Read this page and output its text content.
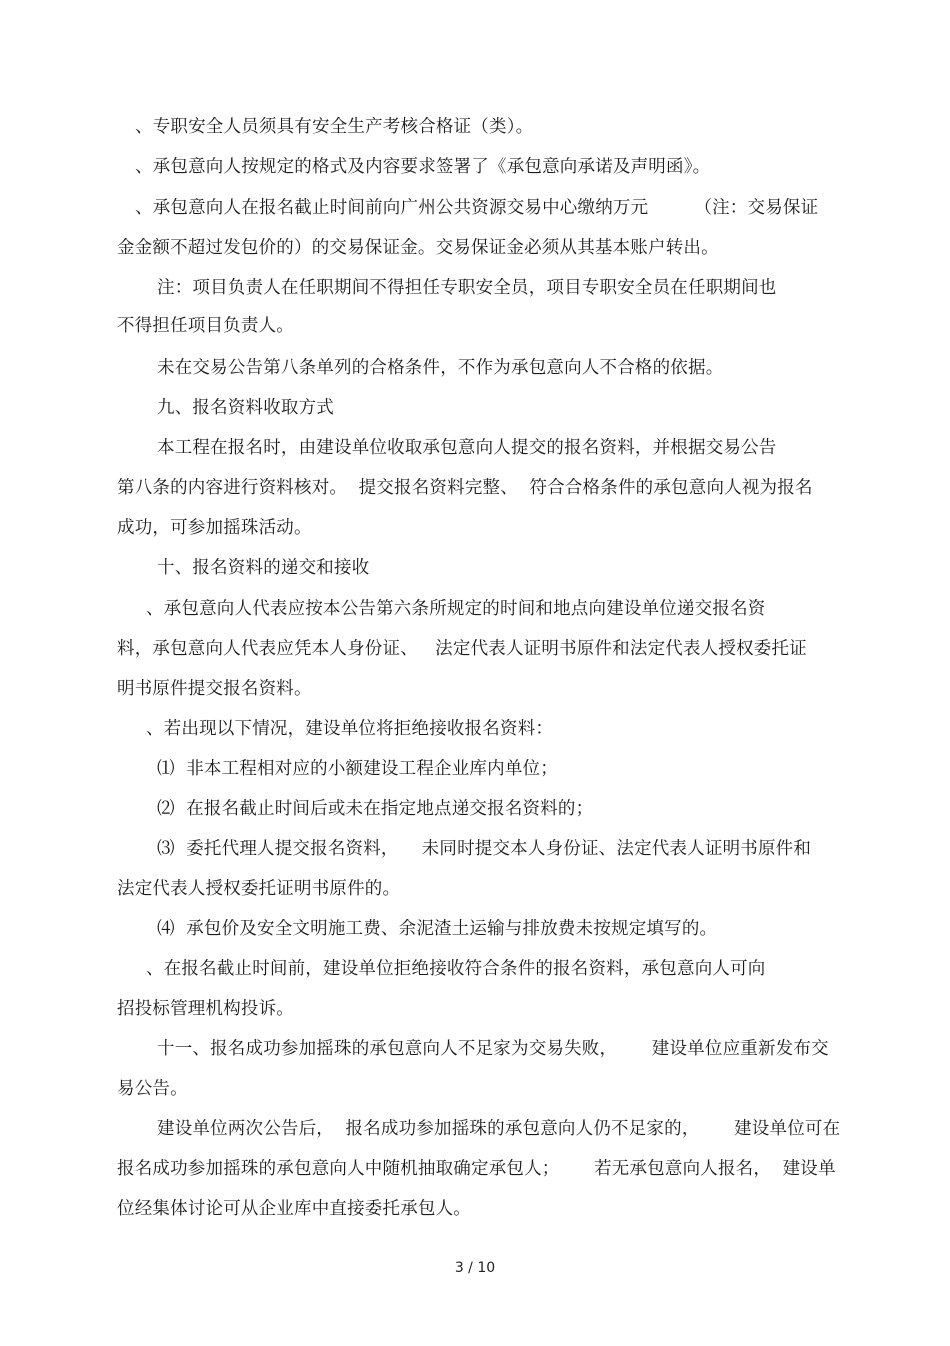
、专职安全人员须具有安全生产考核合格证（类）。
、承包意向人按规定的格式及内容要求签署了《承包意向承诺及声明函》。
、承包意向人在报名截止时间前向广州公共资源交易中心缴纳万元        （注：交易保证
金金额不超过发包价的）的交易保证金。交易保证金必须从其基本账户转出。
注：项目负责人在任职期间不得担任专职安全员，项目专职安全员在任职期间也
不得担任项目负责人。
未在交易公告第八条单列的合格条件，不作为承包意向人不合格的依据。
九、报名资料收取方式
本工程在报名时，由建设单位收取承包意向人提交的报名资料，并根据交易公告
第八条的内容进行资料核对。  提交报名资料完整、  符合合格条件的承包意向人视为报名
成功，可参加摇珠活动。
十、报名资料的递交和接收
、承包意向人代表应按本公告第六条所规定的时间和地点向建设单位递交报名资
料，承包意向人代表应凭本人身份证、   法定代表人证明书原件和法定代表人授权委托证
明书原件提交报名资料。
、若出现以下情况，建设单位将拒绝接收报名资料：
⑴  非本工程相对应的小额建设工程企业库内单位；
⑵  在报名截止时间后或未在指定地点递交报名资料的；
⑶  委托代理人提交报名资料，    未同时提交本人身份证、法定代表人证明书原件和
法定代表人授权委托证明书原件的。
⑷  承包价及安全文明施工费、余泥渣土运输与排放费未按规定填写的。
、在报名截止时间前，建设单位拒绝接收符合条件的报名资料，承包意向人可向
招投标管理机构投诉。
十一、报名成功参加摇珠的承包意向人不足家为交易失败，      建设单位应重新发布交
易公告。
建设单位两次公告后，  报名成功参加摇珠的承包意向人仍不足家的，      建设单位可在
报名成功参加摇珠的承包意向人中随机抽取确定承包人；      若无承包意向人报名，  建设单
位经集体讨论可从企业库中直接委托承包人。
3 / 10
